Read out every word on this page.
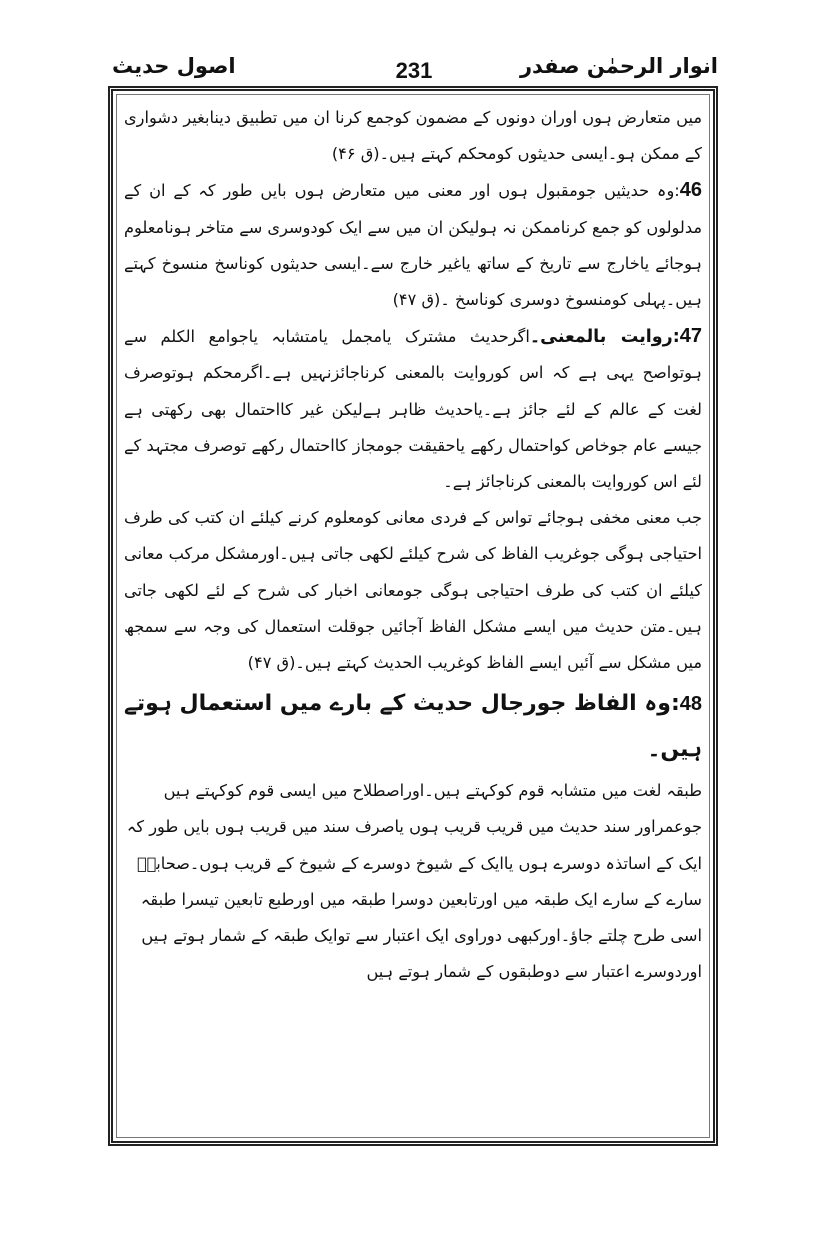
انوار الرحمٰن صفدر
231
اصول حدیث

میں متعارض ہوں اوران دونوں کے مضمون کوجمع کرنا ان میں تطبیق دینابغیر دشواری کے ممکن ہو۔ایسی حدیثوں کومحکم کہتے ہیں۔(ق ۴۶)

46:وہ حدیثیں جومقبول ہوں اور معنی میں متعارض ہوں بایں طور کہ کے ان کے مدلولوں کو جمع کرناممکن نہ ہولیکن ان میں سے ایک کودوسری سے متاخر ہونامعلوم ہوجائے یاخارج سے تاریخ کے ساتھ یاغیر خارج سے۔ایسی حدیثوں کوناسخ منسوخ کہتے ہیں۔پہلی کومنسوخ دوسری کوناسخ ۔(ق ۴۷)

47:روایت بالمعنی۔اگرحدیث مشترک یامجمل یامتشابہ یاجوامع الکلم سے ہوتواصح یہی ہے کہ اس کوروایت بالمعنی کرناجائزنہیں ہے۔اگرمحکم ہوتوصرف لغت کے عالم کے لئے جائز ہے۔یاحدیث ظاہر ہےلیکن غیر کااحتمال بھی رکھتی ہے جیسے عام جوخاص کواحتمال رکھے یاحقیقت جومجاز کااحتمال رکھے توصرف مجتہد کے لئے اس کوروایت بالمعنی کرناجائز ہے۔

جب معنی مخفی ہوجائے تواس کے فردی معانی کومعلوم کرنے کیلئے ان کتب کی طرف احتیاجی ہوگی جوغریب الفاظ کی شرح کیلئے لکھی جاتی ہیں۔اورمشکل مرکب معانی کیلئے ان کتب کی طرف احتیاجی ہوگی جومعانی اخبار کی شرح کے لئے لکھی جاتی ہیں۔متن حدیث میں ایسے مشکل الفاظ آجائیں جوقلت استعمال کی وجہ سے سمجھ میں مشکل سے آئیں ایسے الفاظ کوغریب الحدیث کہتے ہیں۔(ق ۴۷)

48:وہ الفاظ جورجال حدیث کے بارے میں استعمال ہوتے ہیں۔

طبقہ لغت میں متشابہ قوم کوکہتے ہیں۔اوراصطلاح میں ایسی قوم کوکہتے ہیں جوعمراور سند حدیث میں قریب قریب ہوں یاصرف سند میں قریب ہوں بایں طور کہ ایک کے اساتذہ دوسرے ہوں یاایک کے شیوخ دوسرے کے شیوخ کے قریب ہوں۔صحابہؓ سارے کے سارے ایک طبقہ میں اورتابعین دوسرا طبقہ میں اورطبع تابعین تیسرا طبقہ اسی طرح چلتے جاؤ۔اورکبھی دوراوی ایک اعتبار سے توایک طبقہ کے شمار ہوتے ہیں اوردوسرے اعتبار سے دوطبقوں کے شمار ہوتے ہیں
